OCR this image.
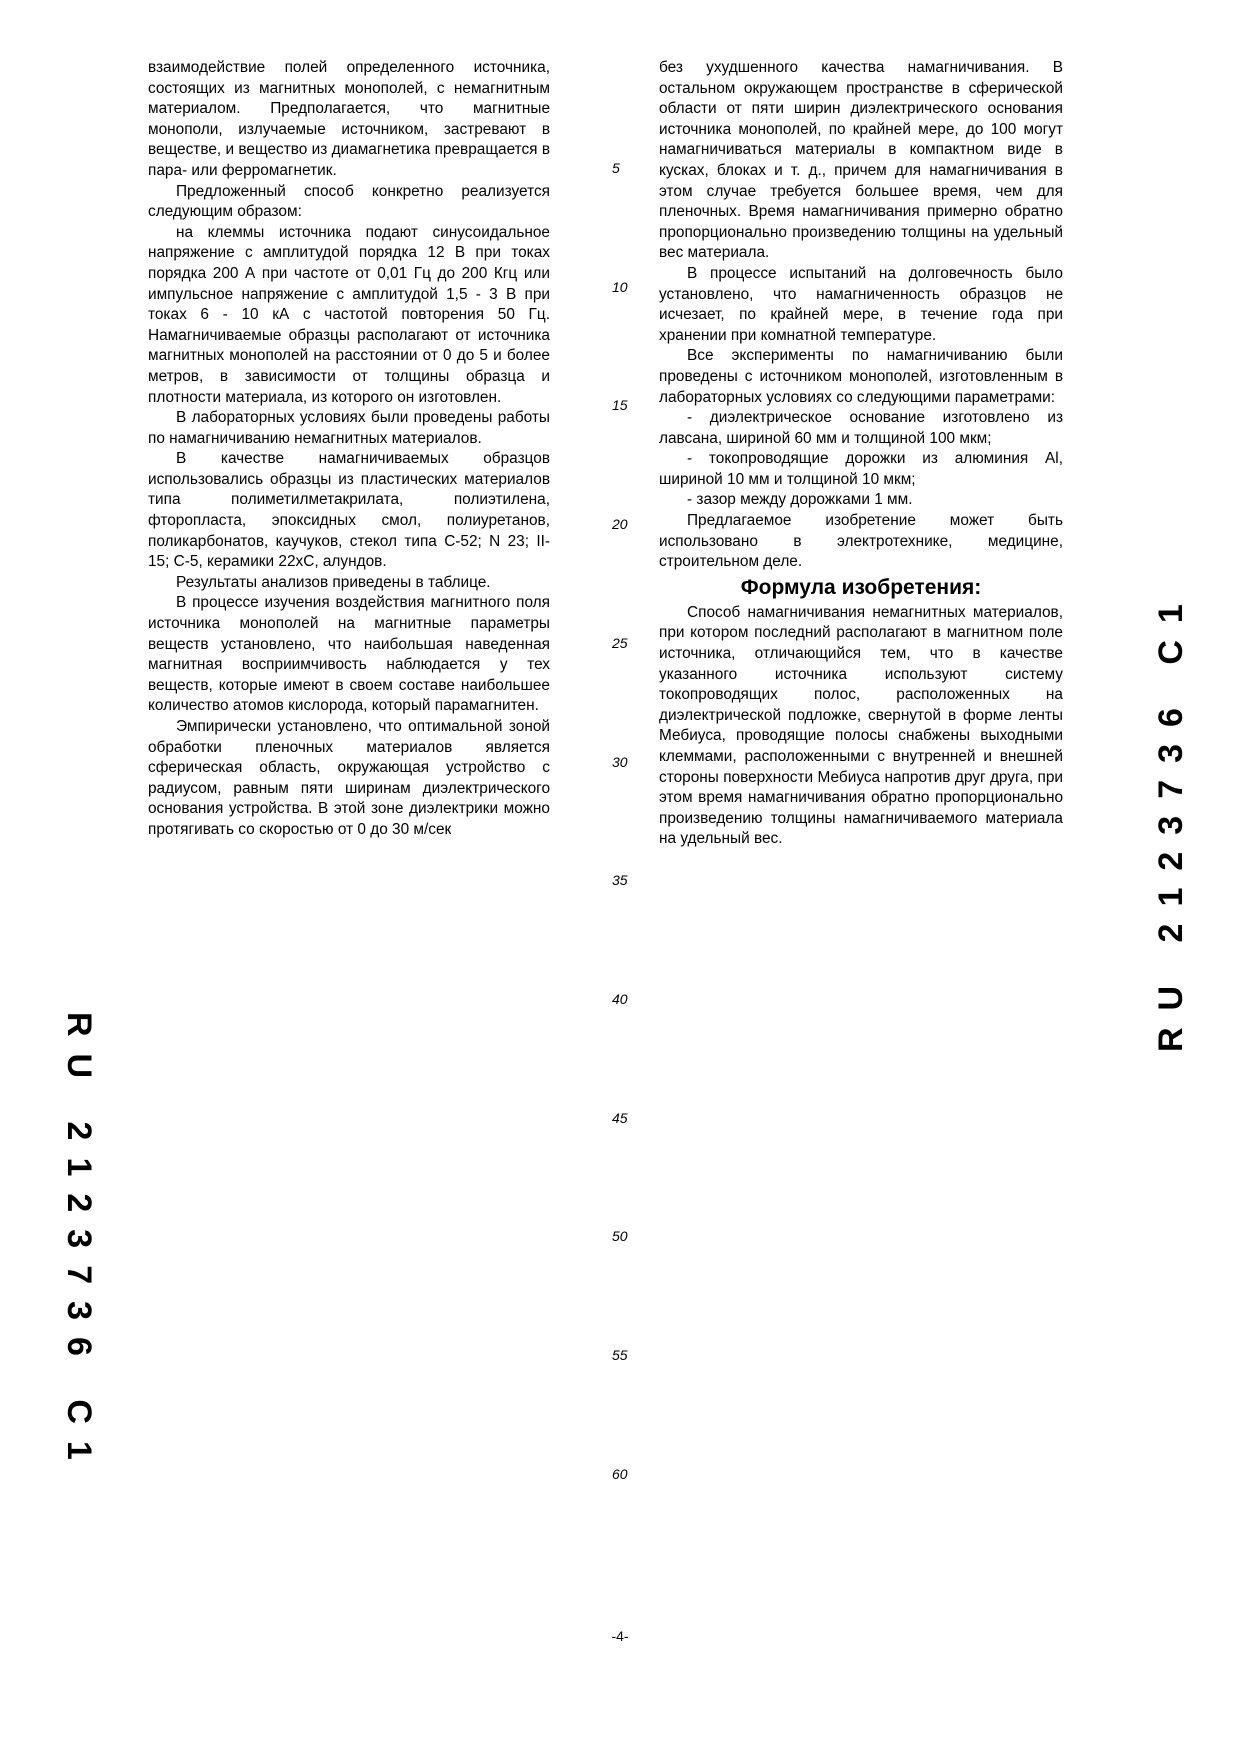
взаимодействие полей определенного источника, состоящих из магнитных монополей, с немагнитным материалом. Предполагается, что магнитные монополи, излучаемые источником, застревают в веществе, и вещество из диамагнетика превращается в пара- или ферромагнетик.

Предложенный способ конкретно реализуется следующим образом:

на клеммы источника подают синусоидальное напряжение с амплитудой порядка 12 В при токах порядка 200 А при частоте от 0,01 Гц до 200 Кгц или импульсное напряжение с амплитудой 1,5 - 3 В при токах 6 - 10 кА с частотой повторения 50 Гц. Намагничиваемые образцы располагают от источника магнитных монополей на расстоянии от 0 до 5 и более метров, в зависимости от толщины образца и плотности материала, из которого он изготовлен.

В лабораторных условиях были проведены работы по намагничиванию немагнитных материалов.

В качестве намагничиваемых образцов использовались образцы из пластических материалов типа полиметилметакрилата, полиэтилена, фторопласта, эпоксидных смол, полиуретанов, поликарбонатов, каучуков, стекол типа С-52; N 23; II-15; С-5, керамики 22хС, алундов.

Результаты анализов приведены в таблице.

В процессе изучения воздействия магнитного поля источника монополей на магнитные параметры веществ установлено, что наибольшая наведенная магнитная восприимчивость наблюдается у тех веществ, которые имеют в своем составе наибольшее количество атомов кислорода, который парамагнитен.

Эмпирически установлено, что оптимальной зоной обработки пленочных материалов является сферическая область, окружающая устройство с радиусом, равным пяти ширинам диэлектрического основания устройства. В этой зоне диэлектрики можно протягивать со скоростью от 0 до 30 м/сек

без ухудшенного качества намагничивания. В остальном окружающем пространстве в сферической области от пяти ширин диэлектрического основания источника монополей, по крайней мере, до 100 могут намагничиваться материалы в компактном виде в кусках, блоках и т. д., причем для намагничивания в этом случае требуется большее время, чем для пленочных. Время намагничивания примерно обратно пропорционально произведению толщины на удельный вес материала.

В процессе испытаний на долговечность было установлено, что намагниченность образцов не исчезает, по крайней мере, в течение года при хранении при комнатной температуре.

Все эксперименты по намагничиванию были проведены с источником монополей, изготовленным в лабораторных условиях со следующими параметрами:

- диэлектрическое основание изготовлено из лавсана, шириной 60 мм и толщиной 100 мкм;

- токопроводящие дорожки из алюминия Al, шириной 10 мм и толщиной 10 мкм;

- зазор между дорожками 1 мм.

Предлагаемое изобретение может быть использовано в электротехнике, медицине, строительном деле.

Формула изобретения:

Способ намагничивания немагнитных материалов, при котором последний располагают в магнитном поле источника, отличающийся тем, что в качестве указанного источника используют систему токопроводящих полос, расположенных на диэлектрической подложке, свернутой в форме ленты Мебиуса, проводящие полосы снабжены выходными клеммами, расположенными с внутренней и внешней стороны поверхности Мебиуса напротив друг друга, при этом время намагничивания обратно пропорционально произведению толщины намагничиваемого материала на удельный вес.

5
10
15
20
25
30
35
40
45
50
55
60
RU 2123736 C1
RU 2123736 C1
-4-
